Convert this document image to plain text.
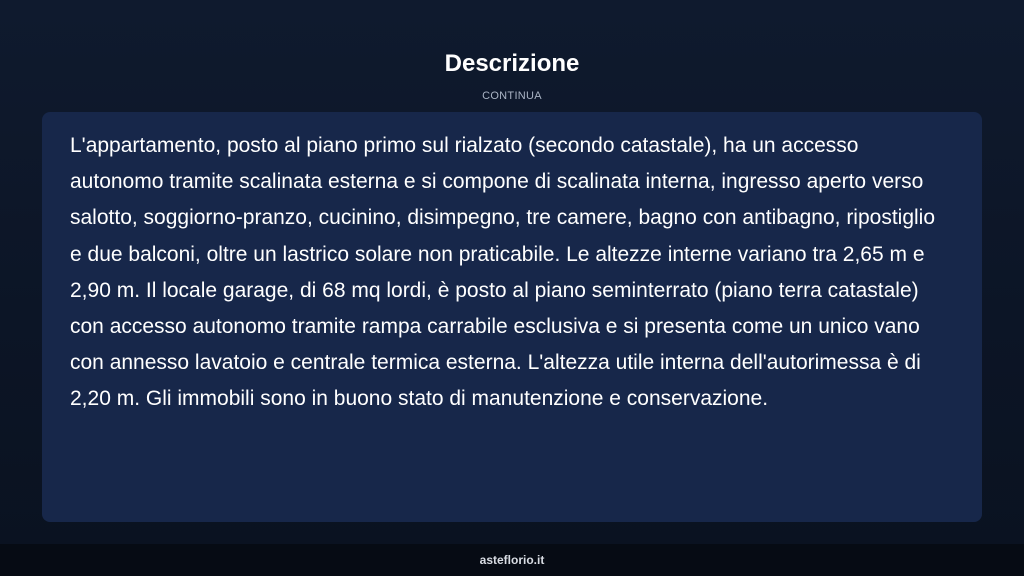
Descrizione
CONTINUA

L'appartamento, posto al piano primo sul rialzato (secondo catastale), ha un accesso autonomo tramite scalinata esterna e si compone di scalinata interna, ingresso aperto verso salotto, soggiorno-pranzo, cucinino, disimpegno, tre camere, bagno con antibagno, ripostiglio e due balconi, oltre un lastrico solare non praticabile. Le altezze interne variano tra 2,65 m e 2,90 m. Il locale garage, di 68 mq lordi, è posto al piano seminterrato (piano terra catastale) con accesso autonomo tramite rampa carrabile esclusiva e si presenta come un unico vano con annesso lavatoio e centrale termica esterna. L'altezza utile interna dell'autorimessa è di 2,20 m. Gli immobili sono in buono stato di manutenzione e conservazione.

asteflorio.it
